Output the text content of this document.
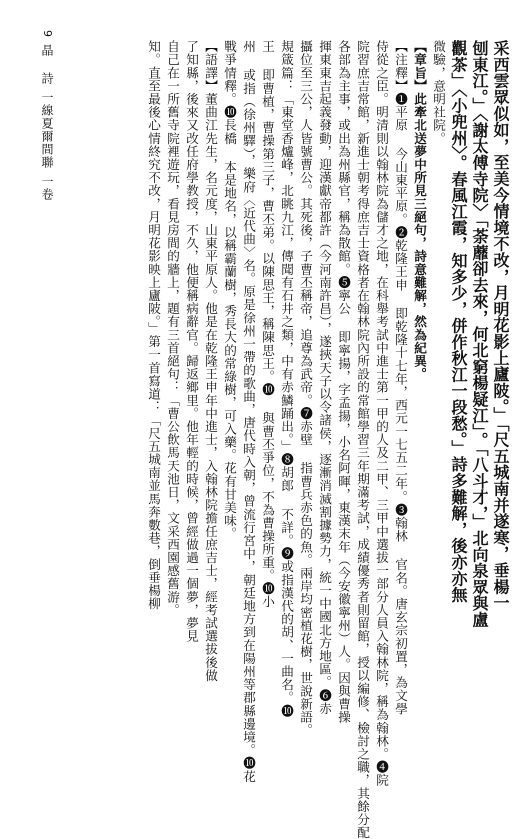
9晶 詩一線夏爾間聯一卷	采西雲眾似如，至美今情境不改，月明花影上廬陂。」「尺五城南并遂寒，垂楊一
刨東江。」〈謝太傅寺院〉「荼蘼卻去來，何北窮楊疑江」。「八斗才，」北向泉眾與盧
觀茶」〈小兜州〉。春風江霞，知多少，併作秋江一段愁。」詩多難解，後亦亦無
微驗，意明社院。
【章旨】此牽北送夢中所見三絕句，詩意難解，然為紀異。
【注釋】❶平原 今山東平原。❷乾隆王申 即乾隆十七年，西元一七五二年。❸翰林 官名。唐玄宗初置，為文學
侍從之臣。明清則以翰林院為儲才之地，在科舉考試中進士第一甲的人及二甲、三甲中選拔一部分人員入翰林院，稱為翰林。❹院
院習庶吉常館，新進士朝考得庶吉士資格者在翰林院內所設的常館學習三年期滿考試，成績優秀者則留館，授以編修、檢討之職，其餘分配
各部為主事，或出為州縣官，稱為散館。❺寧公 即寧揚，字孟揚，小名阿暉，東漢末年（今安徽寧州）人。因與曹操
揮東東吉起義發動，迎漢獻帝都許（今河南許昌），遂挾天子以令諸侯，逐漸消滅割據勢力，統一中國北方地區。❻赤
攝位至三公，人皆號曹公。其死後，子曹丕稱帝，追尊為武帝。❼赤壁 指曹兵赤色的魚。兩岸均密植花樹，世說新語。
規箴篇：「東堂香爐峰，北眺九江，傳聞有石井之類，中有赤鱗踊出。」❽胡郎 不詳。❾或指漢代的胡、一曲名。❿
王 即曹植，曹操第三子，曹丕弟。以陳思王，稱陳思王。❿ 與曹丕爭位，不為曹操所重。❿小
州 或指（徐州驛），樂府〈近代曲〉名。原是徐州一帶的歌曲，唐代時入朝，曾流行宮中，朝廷地方到在陽州等郡縣邊境。❿花
戰爭情釋。❿長橋 本是地名，以稱霸蘭樹，秀長大的常綠樹，可入藥。花有甘美味。
【語譯】董曲江先生，名元度，山東平原人。他是在乾隆王申年中進士，入翰林院擔任庶吉士，經考試選拔後做
了知縣，後來又改任府學教授，不久，他便稱病辭官。歸返鄉里。他年輕的時候，曾經做過一個夢，夢見
自己在一所舊寺院裡遊玩，看見房間的牆上，題有三首絕句：「曹公飲馬天池日，文采西園感舊游。
知。直至最後心情終究不改，月明花影映上廬陂。」第一首寫道：「尺五城南並馬奔數巷，倒垂楊柳
